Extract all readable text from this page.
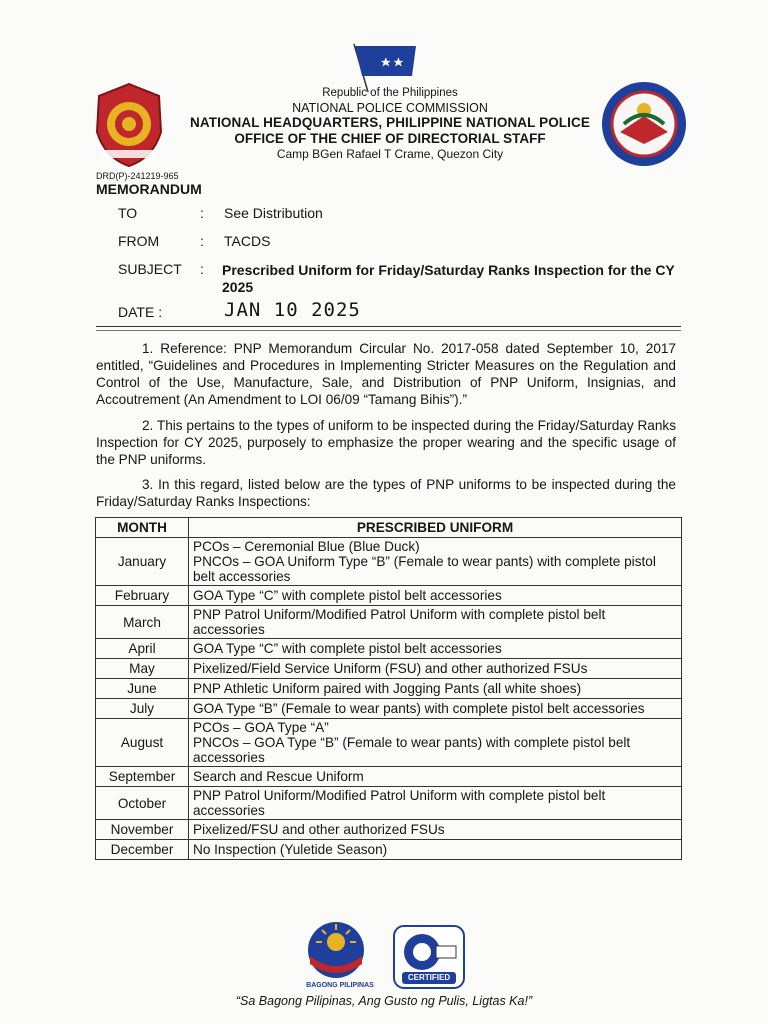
Republic of the Philippines
NATIONAL POLICE COMMISSION
NATIONAL HEADQUARTERS, PHILIPPINE NATIONAL POLICE
OFFICE OF THE CHIEF OF DIRECTORIAL STAFF
Camp BGen Rafael T Crame, Quezon City
DRD(P)-241219-965
MEMORANDUM
TO	: See Distribution
FROM	: TACDS
SUBJECT : Prescribed Uniform for Friday/Saturday Ranks Inspection for the CY 2025
DATE :	JAN 10 2025
1. Reference: PNP Memorandum Circular No. 2017-058 dated September 10, 2017 entitled, “Guidelines and Procedures in Implementing Stricter Measures on the Regulation and Control of the Use, Manufacture, Sale, and Distribution of PNP Uniform, Insignias, and Accoutrement (An Amendment to LOI 06/09 “Tamang Bihis”).”
2. This pertains to the types of uniform to be inspected during the Friday/Saturday Ranks Inspection for CY 2025, purposely to emphasize the proper wearing and the specific usage of the PNP uniforms.
3. In this regard, listed below are the types of PNP uniforms to be inspected during the Friday/Saturday Ranks Inspections:
MONTH	PRESCRIBED UNIFORM
January	PCOs – Ceremonial Blue (Blue Duck)
PNCOs – GOA Uniform Type “B” (Female to wear pants) with complete pistol belt accessories

February	GOA Type “C” with complete pistol belt accessories

March	PNP Patrol Uniform/Modified Patrol Uniform with complete pistol belt accessories

April	GOA Type “C” with complete pistol belt accessories

May	Pixelized/Field Service Uniform (FSU) and other authorized FSUs

June	PNP Athletic Uniform paired with Jogging Pants (all white shoes)

July	GOA Type “B” (Female to wear pants) with complete pistol belt accessories

August	PCOs – GOA Type “A”
PNCOs – GOA Type “B” (Female to wear pants) with complete pistol belt accessories

September	Search and Rescue Uniform

October	PNP Patrol Uniform/Modified Patrol Uniform with complete pistol belt accessories

November	Pixelized/FSU and other authorized FSUs

December	No Inspection (Yuletide Season)
BAGONG PILIPINAS
CERTIFIED
“Sa Bagong Pilipinas, Ang Gusto ng Pulis, Ligtas Ka!”
